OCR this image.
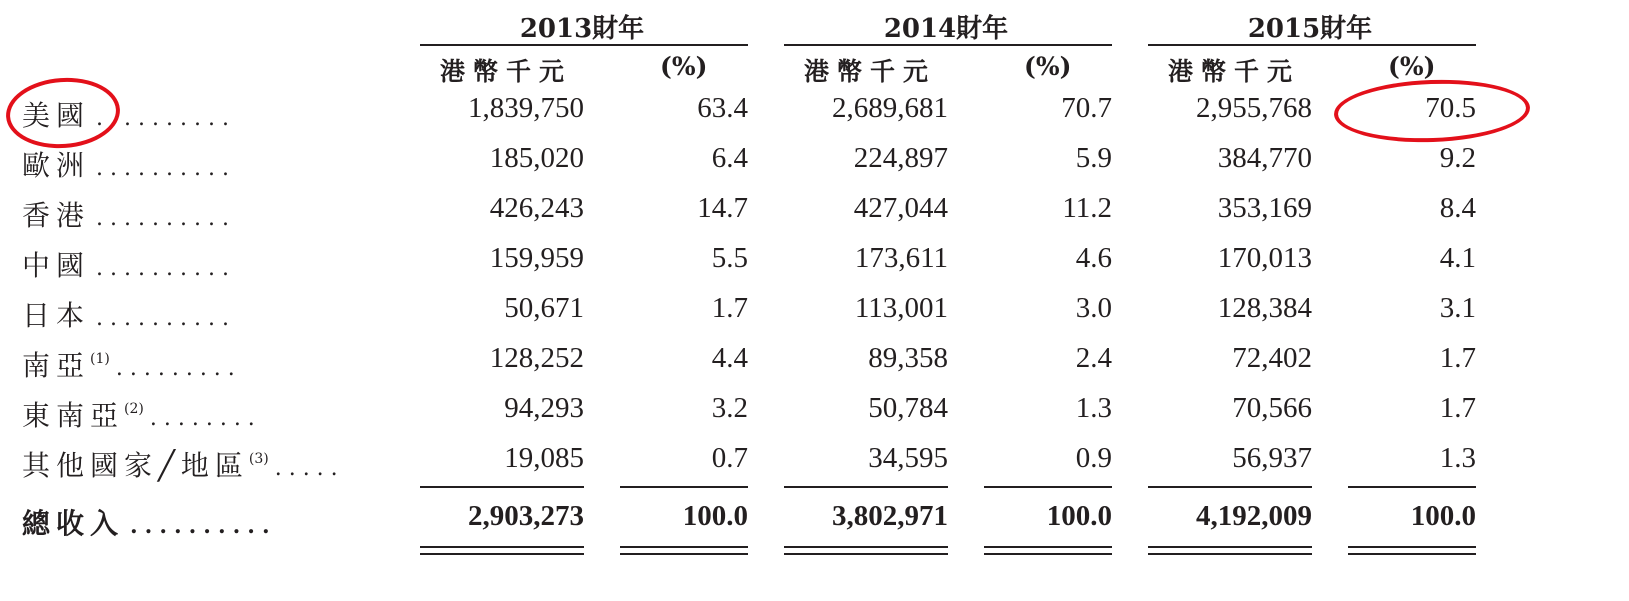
2013財年	2014財年	2015財年
港幣千元	(%)	港幣千元	(%)	港幣千元	(%)
美國 ..........	1,839,750	63.4	2,689,681	70.7	2,955,768	70.5
歐洲 ..........	185,020	6.4	224,897	5.9	384,770	9.2
香港 ..........	426,243	14.7	427,044	11.2	353,169	8.4
中國 ..........	159,959	5.5	173,611	4.6	170,013	4.1
日本 ..........	50,671	1.7	113,001	3.0	128,384	3.1
南亞$^{(1)}$ .........	128,252	4.4	89,358	2.4	72,402	1.7
東南亞$^{(2)}$ ........	94,293	3.2	50,784	1.3	70,566	1.7
其他國家╱地區$^{(3)}$ .....	19,085	0.7	34,595	0.9	56,937	1.3
總收入 ..........	2,903,273	100.0	3,802,971	100.0	4,192,009	100.0
